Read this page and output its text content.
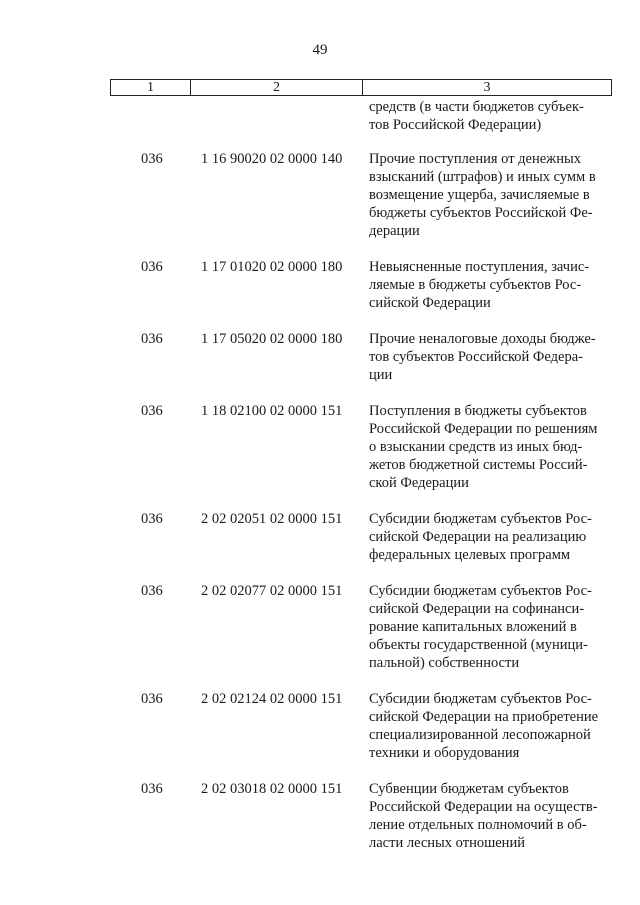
49
1	2	3
средств (в части бюджетов субъек-
тов Российской Федерации)
036	1 16 90020 02 0000 140 Прочие поступления от денежных
взысканий (штрафов) и иных сумм в
возмещение ущерба, зачисляемые в
бюджеты субъектов Российской Фе-
дерации
036	1 17 01020 02 0000 180 Невыясненные поступления, зачис-
ляемые в бюджеты субъектов Рос-
сийской Федерации
036	1 17 05020 02 0000 180 Прочие неналоговые доходы бюдже-
тов субъектов Российской Федера-
ции
036	1 18 02100 02 0000 151 Поступления в бюджеты субъектов
Российской Федерации по решениям
о взыскании средств из иных бюд-
жетов бюджетной системы Россий-
ской Федерации
036	2 02 02051 02 0000 151 Субсидии бюджетам субъектов Рос-
сийской Федерации на реализацию
федеральных целевых программ
036	2 02 02077 02 0000 151 Субсидии бюджетам субъектов Рос-
сийской Федерации на софинанси-
рование капитальных вложений в
объекты государственной (муници-
пальной) собственности
036	2 02 02124 02 0000 151 Субсидии бюджетам субъектов Рос-
сийской Федерации на приобретение
специализированной лесопожарной
техники и оборудования
036	2 02 03018 02 0000 151 Субвенции бюджетам субъектов
Российской Федерации на осуществ-
ление отдельных полномочий в об-
ласти лесных отношений
